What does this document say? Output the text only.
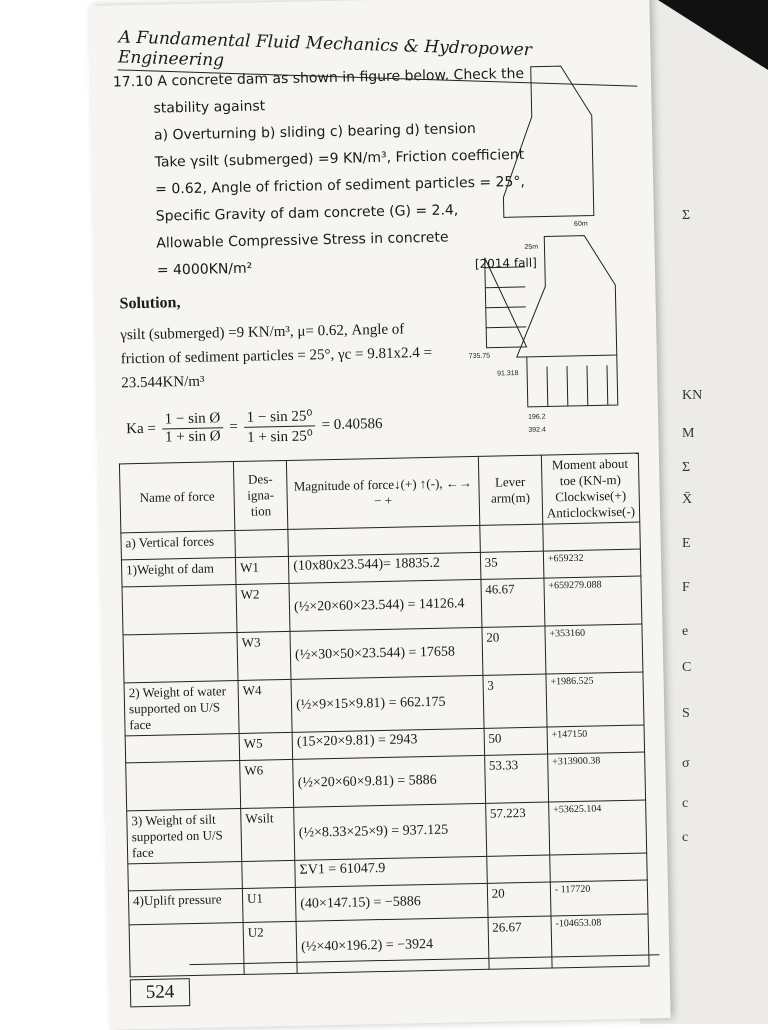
Σ
KN
M
Σ
X̄
E
F
e
C
S
σ
c
c
A Fundamental Fluid Mechanics & Hydropower Engineering
17.10 A concrete dam as shown in figure below. Check the
stability against
a) Overturning b) sliding c) bearing d) tension
Take γsilt (submerged) =9 KN/m³, Friction coefficient
= 0.62, Angle of friction of sediment particles = 25°,
Specific Gravity of dam concrete (G) = 2.4,
Allowable Compressive Stress in concrete
= 4000KN/m²	[2014 fall]
735.75
91.318
196.2
392.4
25m
60m
Solution,
γsilt (submerged) =9 KN/m³, μ= 0.62, Angle of
friction of sediment particles = 25°, γc = 9.81x2.4 =
23.544KN/m³
$Ka = \frac{\text{1 − sin Ø}}{\text{1 + sin Ø}} = \frac{\text{1 − sin 25⁰}}{\text{1 + sin 25⁰}} = 0.40586$
Name of force	Des-igna-tion	Magnitude of force↓(+) ↑(-), ←→ − +	Lever arm(m)	Moment about toe (KN-m) Clockwise(+) Anticlockwise(-)
a) Vertical forces				
1)Weight of dam	W1	(10x80x23.544)= 18835.2	35	+659232
	W2	(½×20×60×23.544) = 14126.4	46.67	+659279.088
	W3	(½×30×50×23.544) = 17658	20	+353160
2) Weight of water supported on U/S face	W4	(½×9×15×9.81) = 662.175	3	+1986.525
	W5	(15×20×9.81) = 2943	50	+147150
	W6	(½×20×60×9.81) = 5886	53.33	+313900.38
3) Weight of silt supported on U/S face	Wsilt	(½×8.33×25×9) = 937.125	57.223	+53625.104
		ΣV1 = 61047.9		
4)Uplift pressure	U1	(40×147.15) = −5886	20	- 117720
	U2	(½×40×196.2) = −3924	26.67	-104653.08
524
